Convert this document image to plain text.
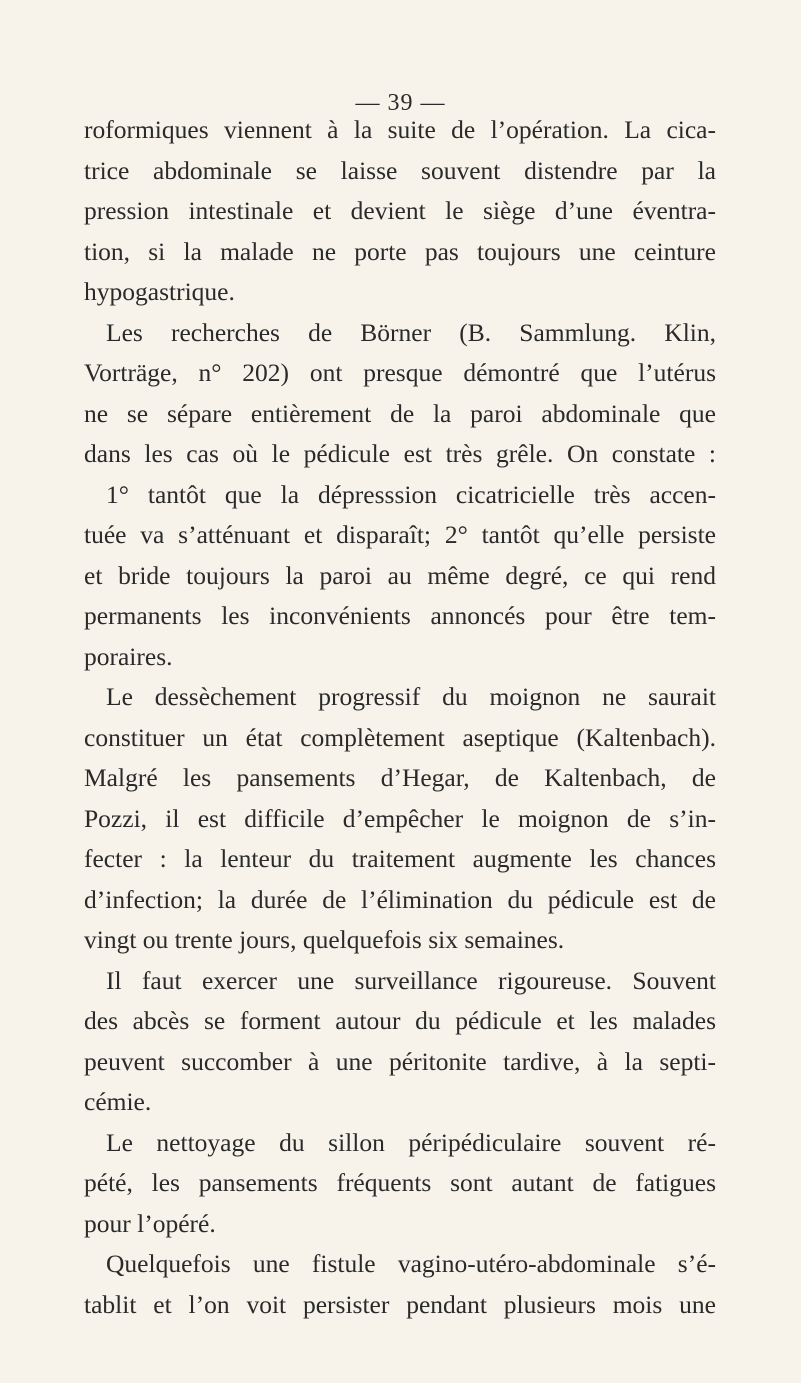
— 39 —
roformiques viennent à la suite de l’opération. La cica-
trice abdominale se laisse souvent distendre par la
pression intestinale et devient le siège d’une éventra-
tion, si la malade ne porte pas toujours une ceinture
hypogastrique.
Les recherches de Börner (B. Sammlung. Klin,
Vorträge, n° 202) ont presque démontré que l’utérus
ne se sépare entièrement de la paroi abdominale que
dans les cas où le pédicule est très grêle. On constate :
1° tantôt que la dépresssion cicatricielle très accen-
tuée va s’atténuant et disparaît; 2° tantôt qu’elle persiste
et bride toujours la paroi au même degré, ce qui rend
permanents les inconvénients annoncés pour être tem-
poraires.
Le dessèchement progressif du moignon ne saurait
constituer un état complètement aseptique (Kaltenbach).
Malgré les pansements d’Hegar, de Kaltenbach, de
Pozzi, il est difficile d’empêcher le moignon de s’in-
fecter : la lenteur du traitement augmente les chances
d’infection; la durée de l’élimination du pédicule est de
vingt ou trente jours, quelquefois six semaines.
Il faut exercer une surveillance rigoureuse. Souvent
des abcès se forment autour du pédicule et les malades
peuvent succomber à une péritonite tardive, à la septi-
cémie.
Le nettoyage du sillon péripédiculaire souvent ré-
pété, les pansements fréquents sont autant de fatigues
pour l’opéré.
Quelquefois une fistule vagino-utéro-abdominale s’é-
tablit et l’on voit persister pendant plusieurs mois une
